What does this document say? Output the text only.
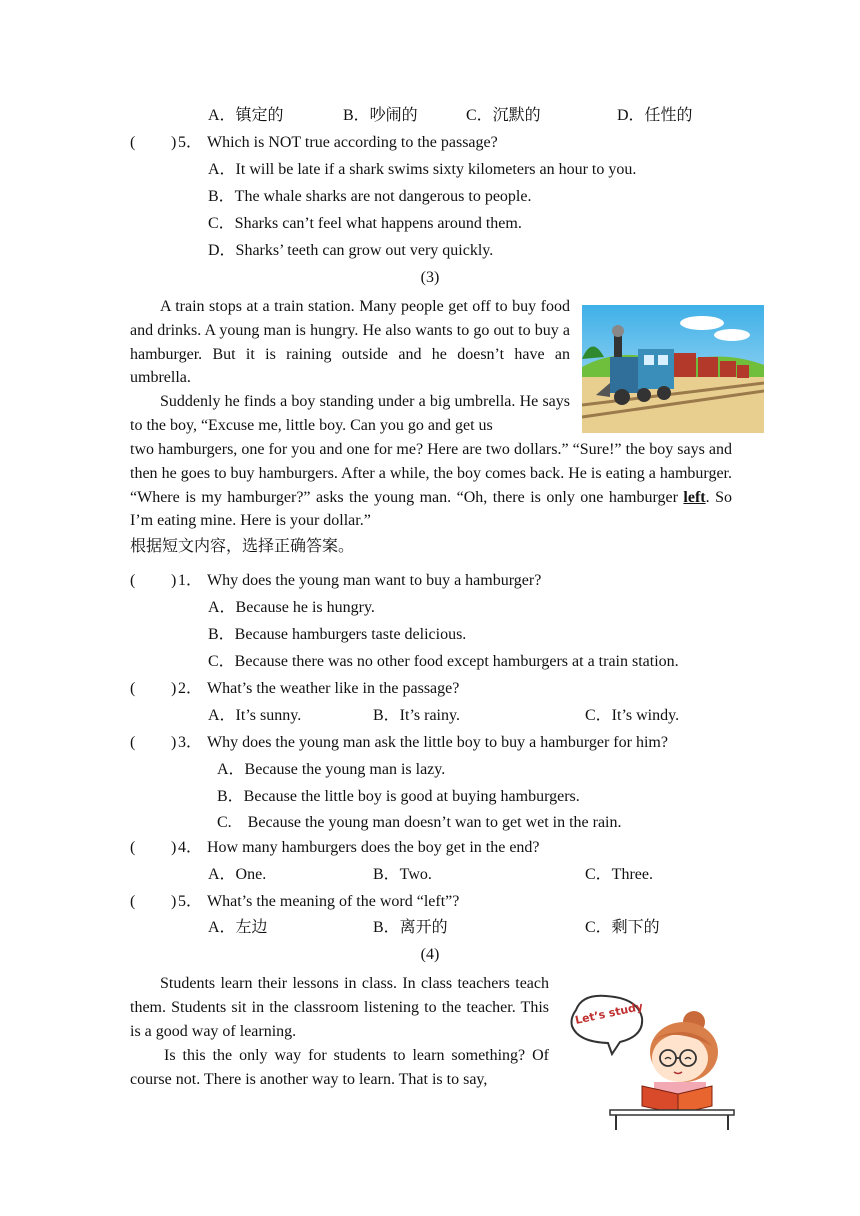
A．镇定的	B．吵闹的	C．沉默的	D．任性的
( ) 5． Which is NOT true according to the passage?
A．It will be late if a shark swims sixty kilometers an hour to you.
B．The whale sharks are not dangerous to people.
C．Sharks can’t feel what happens around them.
D．Sharks’ teeth can grow out very quickly.
(3)
A train stops at a train station. Many people get off to buy food and drinks. A young man is hungry. He also wants to go out to buy a hamburger. But it is raining outside and he doesn’t have an umbrella.
Suddenly he finds a boy standing under a big umbrella. He says to the boy, “Excuse me, little boy. Can you go and get us
two hamburgers, one for you and one for me? Here are two dollars.” “Sure!” the boy says and then he goes to buy hamburgers. After a while, the boy comes back. He is eating a hamburger. “Where is my hamburger?” asks the young man. “Oh, there is only one hamburger left. So I’m eating mine. Here is your dollar.”
根据短文内容，选择正确答案。
( ) 1． Why does the young man want to buy a hamburger?
A．Because he is hungry.
B．Because hamburgers taste delicious.
C．Because there was no other food except hamburgers at a train station.
( ) 2． What’s the weather like in the passage?
A．It’s sunny.	B．It’s rainy.	C．It’s windy.
( ) 3． Why does the young man ask the little boy to buy a hamburger for him?
A．Because the young man is lazy.
B．Because the little boy is good at buying hamburgers.
C.　Because the young man doesn’t wan to get wet in the rain.
( ) 4． How many hamburgers does the boy get in the end?
A．One.	B．Two.	C．Three.
( ) 5． What’s the meaning of the word “left”?
A．左边	B．离开的	C．剩下的
(4)
Students learn their lessons in class. In class teachers teach them. Students sit in the classroom listening to the teacher. This is a good way of learning.
Is this the only way for students to learn something? Of course not. There is another way to learn. That is to say,
Let’s study
